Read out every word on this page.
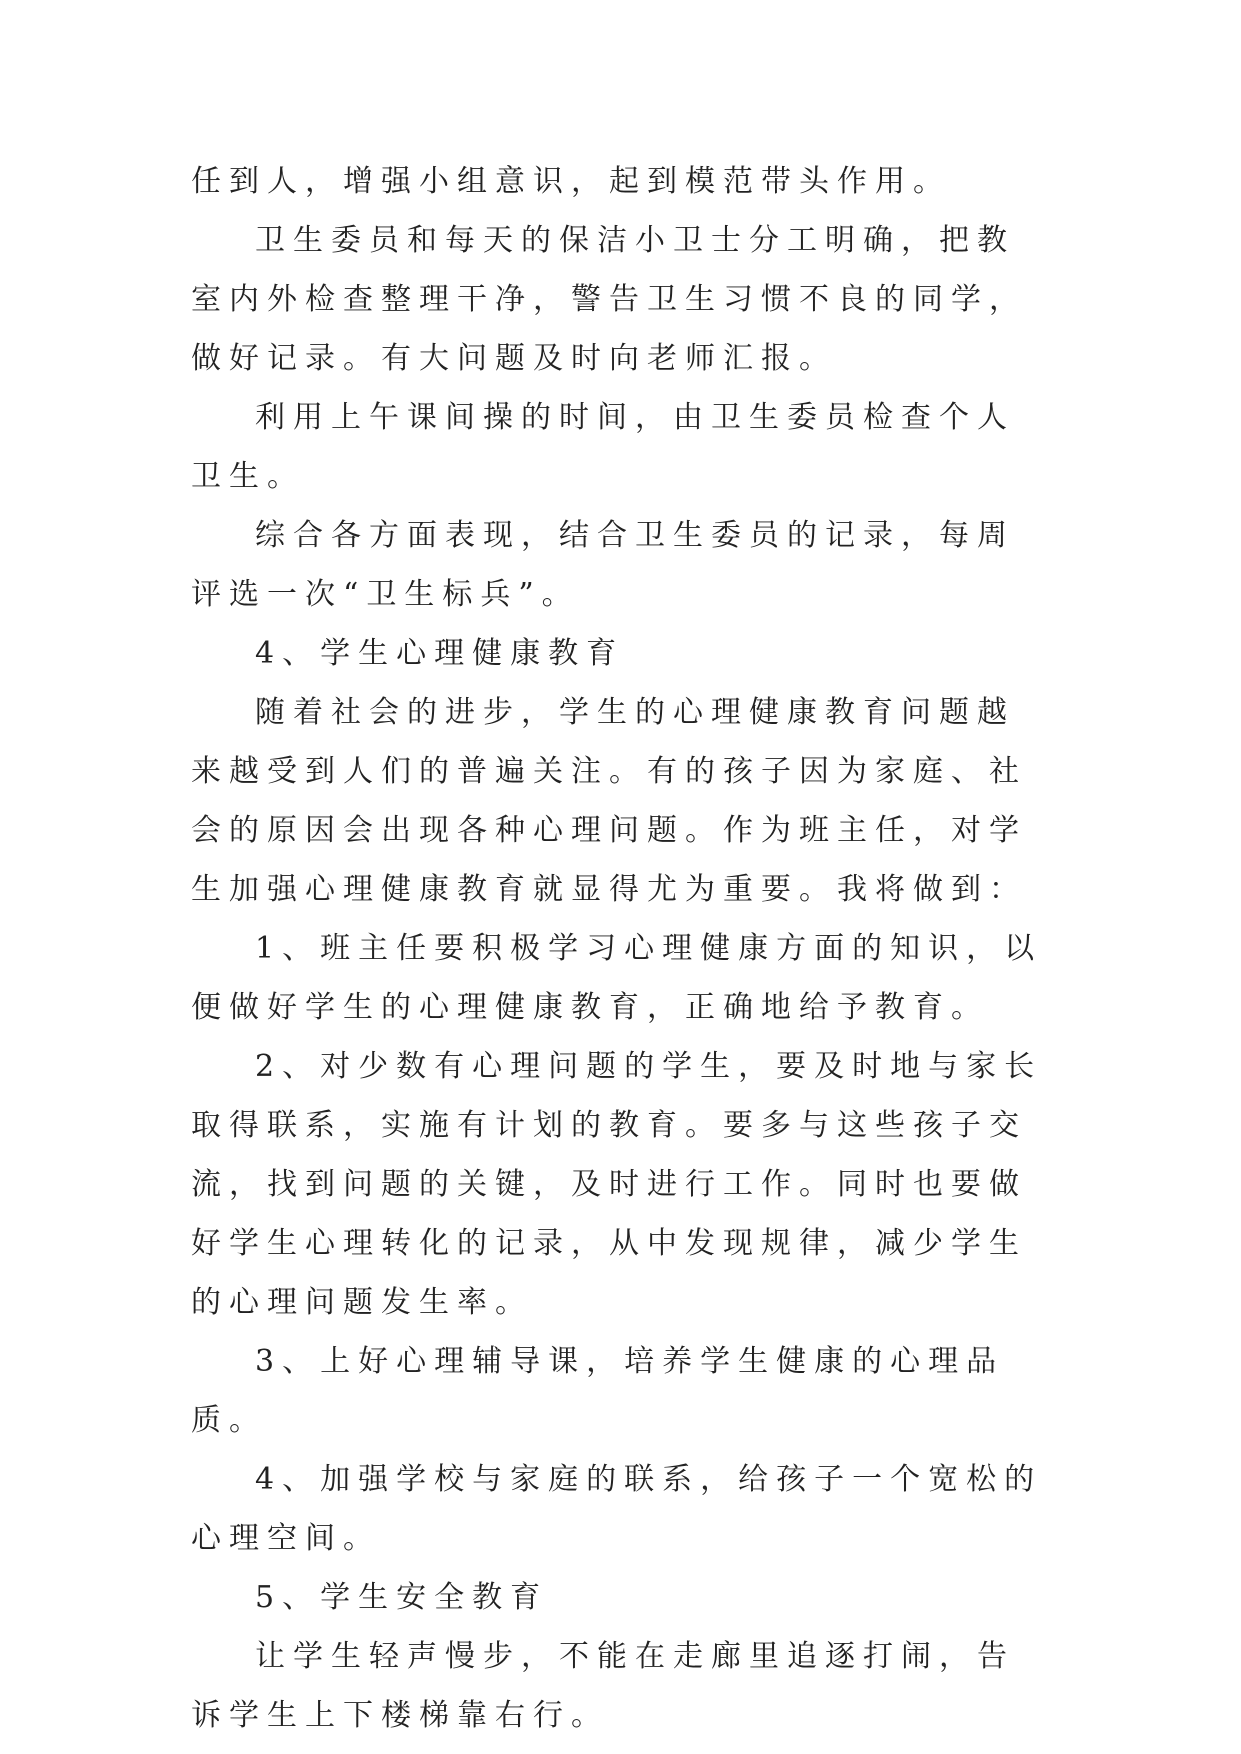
任到人，增强小组意识，起到模范带头作用。

卫生委员和每天的保洁小卫士分工明确，把教室内外检查整理干净，警告卫生习惯不良的同学，做好记录。有大问题及时向老师汇报。

利用上午课间操的时间，由卫生委员检查个人卫生。

综合各方面表现，结合卫生委员的记录，每周评选一次“卫生标兵”。

4、学生心理健康教育

随着社会的进步，学生的心理健康教育问题越来越受到人们的普遍关注。有的孩子因为家庭、社会的原因会出现各种心理问题。作为班主任，对学生加强心理健康教育就显得尤为重要。我将做到：

1、班主任要积极学习心理健康方面的知识，以便做好学生的心理健康教育，正确地给予教育。

2、对少数有心理问题的学生，要及时地与家长取得联系，实施有计划的教育。要多与这些孩子交流，找到问题的关键，及时进行工作。同时也要做好学生心理转化的记录，从中发现规律，减少学生的心理问题发生率。

3、上好心理辅导课，培养学生健康的心理品质。

4、加强学校与家庭的联系，给孩子一个宽松的心理空间。

5、学生安全教育

让学生轻声慢步，不能在走廊里追逐打闹，告诉学生上下楼梯靠右行。
